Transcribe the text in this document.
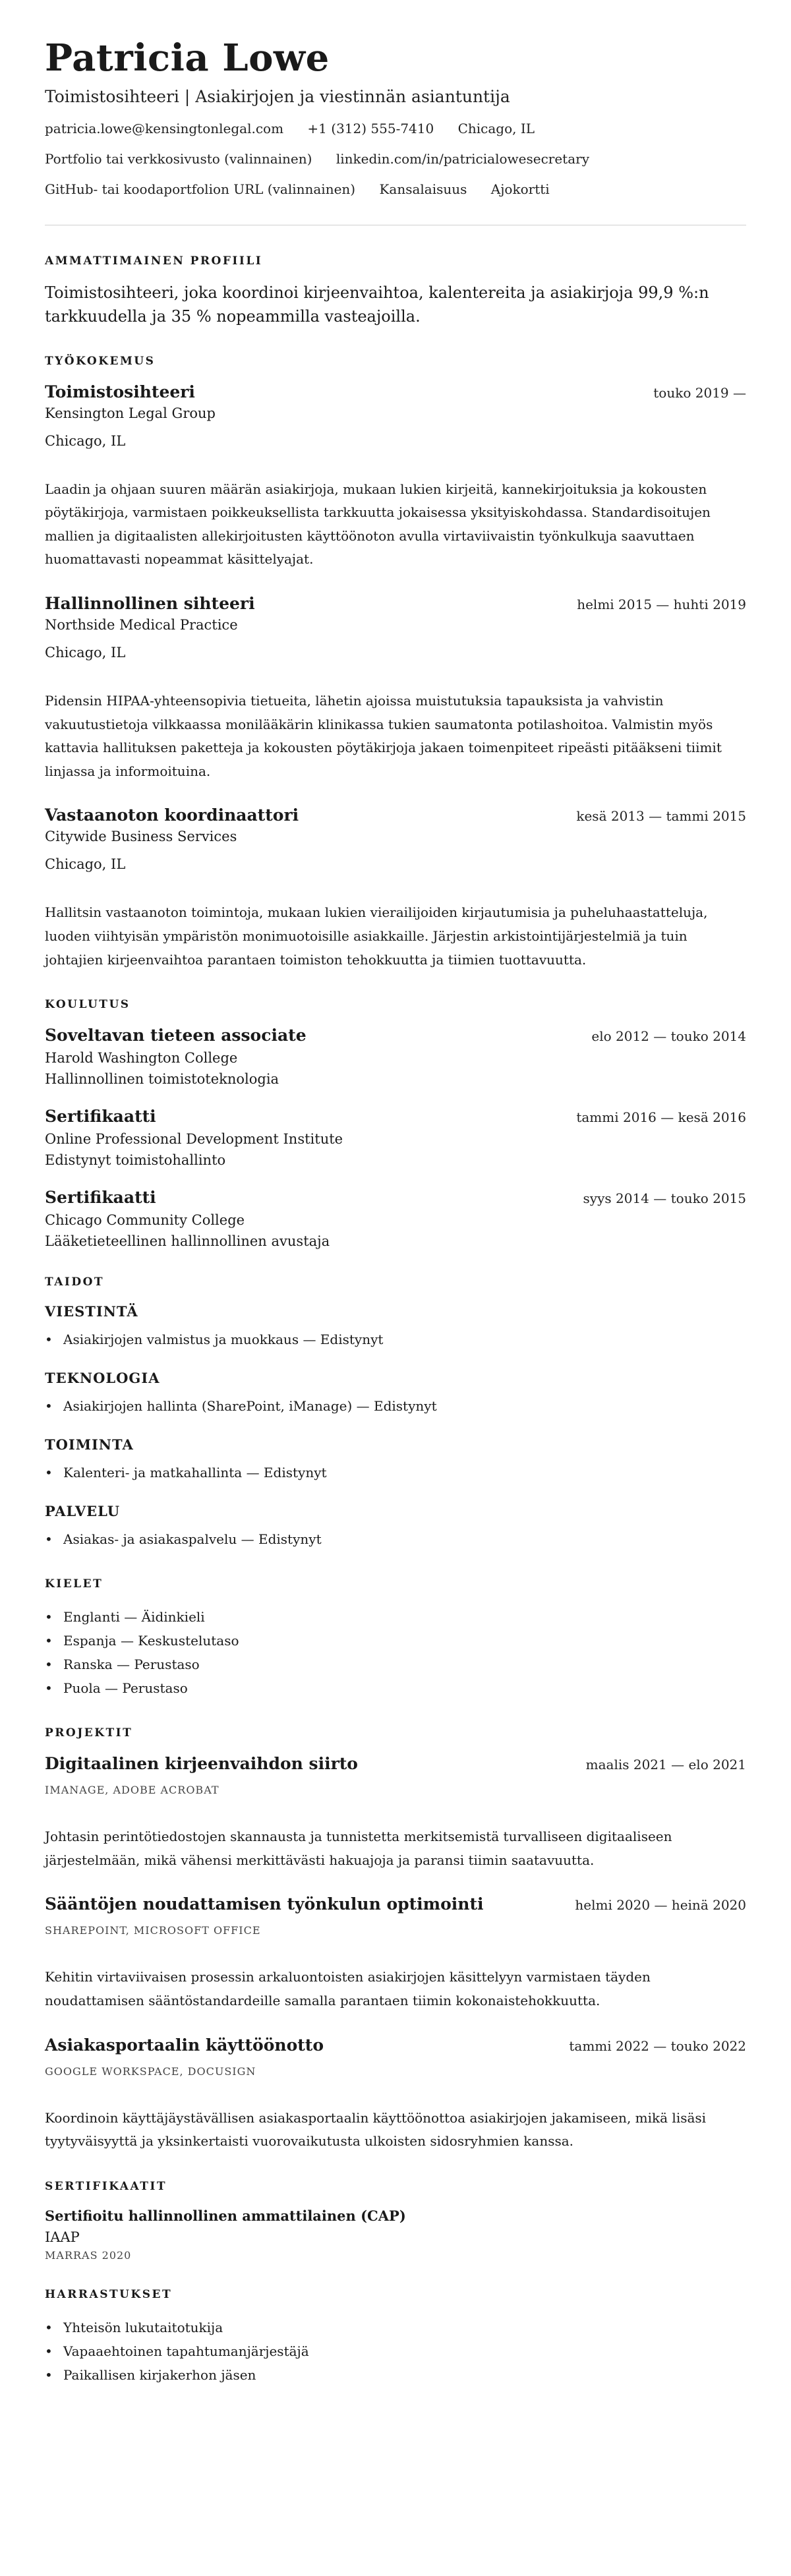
Patricia Lowe
Toimistosihteeri | Asiakirjojen ja viestinnän asiantuntija
patricia.lowe@kensingtonlegal.com +1 (312) 555-7410 Chicago, IL
Portfolio tai verkkosivusto (valinnainen) linkedin.com/in/patricialowesecretary
GitHub- tai koodaportfolion URL (valinnainen) Kansalaisuus Ajokortti
AMMATTIMAINEN PROFIILI

Toimistosihteeri, joka koordinoi kirjeenvaihtoa, kalentereita ja asiakirjoja 99,9 %:n tarkkuudella ja 35 % nopeammilla vasteajoilla.

TYÖKOKEMUS
Toimistosihteeri	touko 2019 —
Kensington Legal Group
Chicago, IL

Laadin ja ohjaan suuren määrän asiakirjoja, mukaan lukien kirjeitä, kannekirjoituksia ja kokousten pöytäkirjoja, varmistaen poikkeuksellista tarkkuutta jokaisessa yksityiskohdassa. Standardisoitujen mallien ja digitaalisten allekirjoitusten käyttöönoton avulla virtaviivaistin työnkulkuja saavuttaen huomattavasti nopeammat käsittelyajat.

Hallinnollinen sihteeri	helmi 2015 — huhti 2019
Northside Medical Practice
Chicago, IL

Pidensin HIPAA-yhteensopivia tietueita, lähetin ajoissa muistutuksia tapauksista ja vahvistin vakuutustietoja vilkkaassa monilääkärin klinikassa tukien saumatonta potilashoitoa. Valmistin myös kattavia hallituksen paketteja ja kokousten pöytäkirjoja jakaen toimenpiteet ripeästi pitääkseni tiimit linjassa ja informoituina.

Vastaanoton koordinaattori	kesä 2013 — tammi 2015
Citywide Business Services
Chicago, IL

Hallitsin vastaanoton toimintoja, mukaan lukien vierailijoiden kirjautumisia ja puheluhaastatteluja, luoden viihtyisän ympäristön monimuotoisille asiakkaille. Järjestin arkistointijärjestelmiä ja tuin johtajien kirjeenvaihtoa parantaen toimiston tehokkuutta ja tiimien tuottavuutta.

KOULUTUS
Soveltavan tieteen associate	elo 2012 — touko 2014
Harold Washington College
Hallinnollinen toimistoteknologia
Sertifikaatti	tammi 2016 — kesä 2016
Online Professional Development Institute
Edistynyt toimistohallinto
Sertifikaatti	syys 2014 — touko 2015
Chicago Community College
Lääketieteellinen hallinnollinen avustaja
TAIDOT
VIESTINTÄ
• Asiakirjojen valmistus ja muokkaus — Edistynyt
TEKNOLOGIA
• Asiakirjojen hallinta (SharePoint, iManage) — Edistynyt
TOIMINTA
• Kalenteri- ja matkahallinta — Edistynyt
PALVELU
• Asiakas- ja asiakaspalvelu — Edistynyt
KIELET
• Englanti — Äidinkieli
• Espanja — Keskustelutaso
• Ranska — Perustaso
• Puola — Perustaso
PROJEKTIT
Digitaalinen kirjeenvaihdon siirto	maalis 2021 — elo 2021
IMANAGE, ADOBE ACROBAT

Johtasin perintötiedostojen skannausta ja tunnistetta merkitsemistä turvalliseen digitaaliseen järjestelmään, mikä vähensi merkittävästi hakuajoja ja paransi tiimin saatavuutta.

Sääntöjen noudattamisen työnkulun optimointi	helmi 2020 — heinä 2020
SHAREPOINT, MICROSOFT OFFICE

Kehitin virtaviivaisen prosessin arkaluontoisten asiakirjojen käsittelyyn varmistaen täyden noudattamisen sääntöstandardeille samalla parantaen tiimin kokonaistehokkuutta.

Asiakasportaalin käyttöönotto	tammi 2022 — touko 2022
GOOGLE WORKSPACE, DOCUSIGN

Koordinoin käyttäjäystävällisen asiakasportaalin käyttöönottoa asiakirjojen jakamiseen, mikä lisäsi tyytyväisyyttä ja yksinkertaisti vuorovaikutusta ulkoisten sidosryhmien kanssa.

SERTIFIKAATIT
Sertifioitu hallinnollinen ammattilainen (CAP)
IAAP
MARRAS 2020
HARRASTUKSET
• Yhteisön lukutaitotukija
• Vapaaehtoinen tapahtumanjärjestäjä
• Paikallisen kirjakerhon jäsen
